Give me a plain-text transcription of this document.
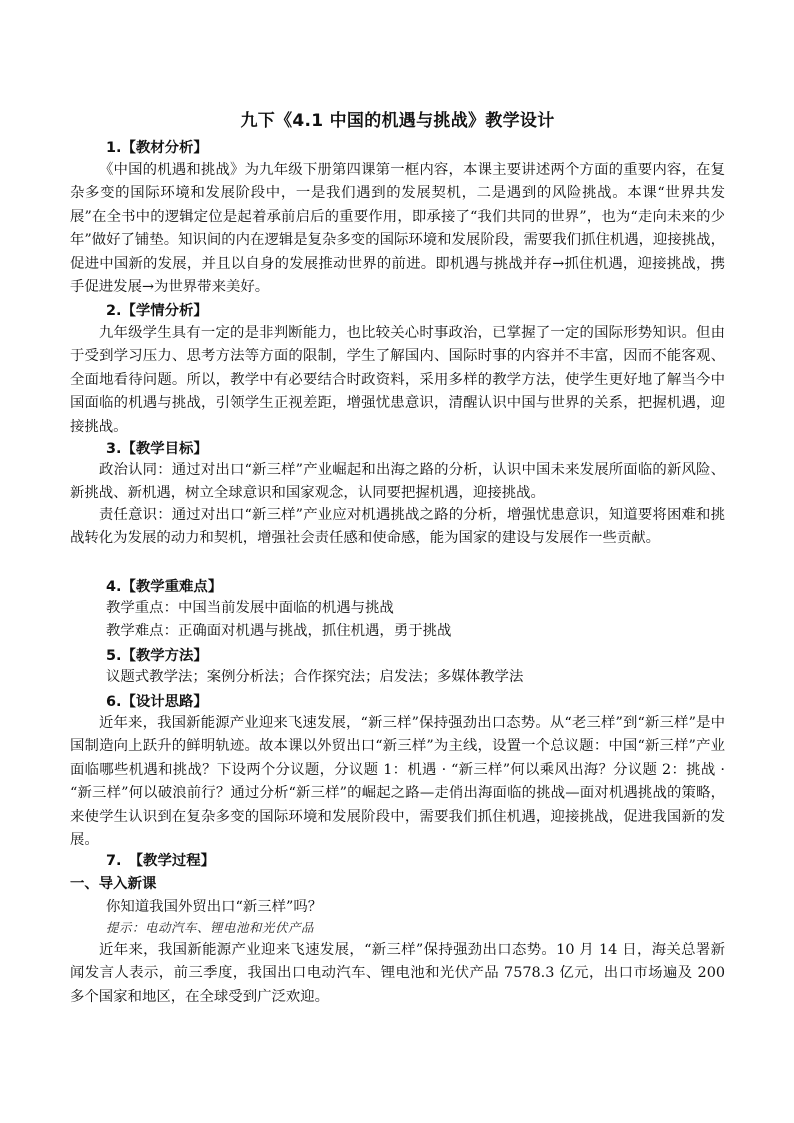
九下《4.1 中国的机遇与挑战》教学设计
1.【教材分析】
《中国的机遇和挑战》为九年级下册第四课第一框内容，本课主要讲述两个方面的重要内容，在复杂多变的国际环境和发展阶段中，一是我们遇到的发展契机，二是遇到的风险挑战。本课“世界共发展”在全书中的逻辑定位是起着承前启后的重要作用，即承接了“我们共同的世界”，也为“走向未来的少年”做好了铺垫。知识间的内在逻辑是复杂多变的国际环境和发展阶段，需要我们抓住机遇，迎接挑战，促进中国新的发展，并且以自身的发展推动世界的前进。即机遇与挑战并存→抓住机遇，迎接挑战，携手促进发展→为世界带来美好。
2.【学情分析】
九年级学生具有一定的是非判断能力，也比较关心时事政治，已掌握了一定的国际形势知识。但由于受到学习压力、思考方法等方面的限制，学生了解国内、国际时事的内容并不丰富，因而不能客观、全面地看待问题。所以，教学中有必要结合时政资料，采用多样的教学方法，使学生更好地了解当今中国面临的机遇与挑战，引领学生正视差距，增强忧患意识，清醒认识中国与世界的关系，把握机遇，迎接挑战。
3.【教学目标】
政治认同：通过对出口“新三样”产业崛起和出海之路的分析，认识中国未来发展所面临的新风险、新挑战、新机遇，树立全球意识和国家观念，认同要把握机遇，迎接挑战。
责任意识：通过对出口“新三样”产业应对机遇挑战之路的分析，增强忧患意识，知道要将困难和挑战转化为发展的动力和契机，增强社会责任感和使命感，能为国家的建设与发展作一些贡献。
4.【教学重难点】
教学重点：中国当前发展中面临的机遇与挑战
教学难点：正确面对机遇与挑战，抓住机遇，勇于挑战
5.【教学方法】
议题式教学法；案例分析法；合作探究法；启发法；多媒体教学法
6.【设计思路】
近年来，我国新能源产业迎来飞速发展，“新三样”保持强劲出口态势。从“老三样”到“新三样”是中国制造向上跃升的鲜明轨迹。故本课以外贸出口“新三样”为主线，设置一个总议题：中国“新三样”产业面临哪些机遇和挑战？下设两个分议题，分议题 1：机遇 · “新三样”何以乘风出海？分议题 2：挑战 · “新三样”何以破浪前行？通过分析“新三样”的崛起之路—走俏出海面临的挑战—面对机遇挑战的策略，来使学生认识到在复杂多变的国际环境和发展阶段中，需要我们抓住机遇，迎接挑战，促进我国新的发展。
7.　【教学过程】
一、导入新课
你知道我国外贸出口“新三样”吗？
提示：电动汽车、锂电池和光伏产品
近年来，我国新能源产业迎来飞速发展，“新三样”保持强劲出口态势。10 月 14 日，海关总署新闻发言人表示，前三季度，我国出口电动汽车、锂电池和光伏产品 7578.3 亿元，出口市场遍及 200 多个国家和地区，在全球受到广泛欢迎。
